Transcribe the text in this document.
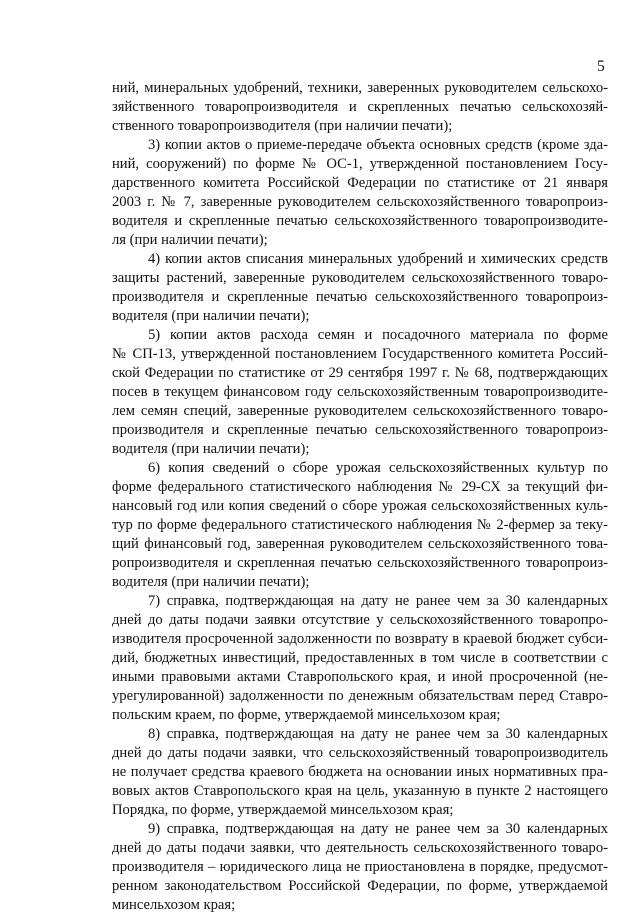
5
ний, минеральных удобрений, техники, заверенных руководителем сельскохо-
зяйственного товаропроизводителя и скрепленных печатью сельскохозяй-
ственного товаропроизводителя (при наличии печати);
3) копии актов о приеме-передаче объекта основных средств (кроме зда-
ний, сооружений) по форме № ОС-1, утвержденной постановлением Госу-
дарственного комитета Российской Федерации по статистике от 21 января
2003 г. № 7, заверенные руководителем сельскохозяйственного товаропроиз-
водителя и скрепленные печатью сельскохозяйственного товаропроизводите-
ля (при наличии печати);
4) копии актов списания минеральных удобрений и химических средств
защиты растений, заверенные руководителем сельскохозяйственного товаро-
производителя и скрепленные печатью сельскохозяйственного товаропроиз-
водителя (при наличии печати);
5) копии актов расхода семян и посадочного материала по форме
№ СП-13, утвержденной постановлением Государственного комитета Россий-
ской Федерации по статистике от 29 сентября 1997 г. № 68, подтверждающих
посев в текущем финансовом году сельскохозяйственным товаропроизводите-
лем семян специй, заверенные руководителем сельскохозяйственного товаро-
производителя и скрепленные печатью сельскохозяйственного товаропроиз-
водителя (при наличии печати);
6) копия сведений о сборе урожая сельскохозяйственных культур по
форме федерального статистического наблюдения № 29-СХ за текущий фи-
нансовый год или копия сведений о сборе урожая сельскохозяйственных куль-
тур по форме федерального статистического наблюдения № 2-фермер за теку-
щий финансовый год, заверенная руководителем сельскохозяйственного това-
ропроизводителя и скрепленная печатью сельскохозяйственного товаропроиз-
водителя (при наличии печати);
7) справка, подтверждающая на дату не ранее чем за 30 календарных
дней до даты подачи заявки отсутствие у сельскохозяйственного товаропро-
изводителя просроченной задолженности по возврату в краевой бюджет субси-
дий, бюджетных инвестиций, предоставленных в том числе в соответствии с
иными правовыми актами Ставропольского края, и иной просроченной (не-
урегулированной) задолженности по денежным обязательствам перед Ставро-
польским краем, по форме, утверждаемой минсельхозом края;
8) справка, подтверждающая на дату не ранее чем за 30 календарных
дней до даты подачи заявки, что сельскохозяйственный товаропроизводитель
не получает средства краевого бюджета на основании иных нормативных пра-
вовых актов Ставропольского края на цель, указанную в пункте 2 настоящего
Порядка, по форме, утверждаемой минсельхозом края;
9) справка, подтверждающая на дату не ранее чем за 30 календарных
дней до даты подачи заявки, что деятельность сельскохозяйственного товаро-
производителя – юридического лица не приостановлена в порядке, предусмот-
ренном законодательством Российской Федерации, по форме, утверждаемой
минсельхозом края;
